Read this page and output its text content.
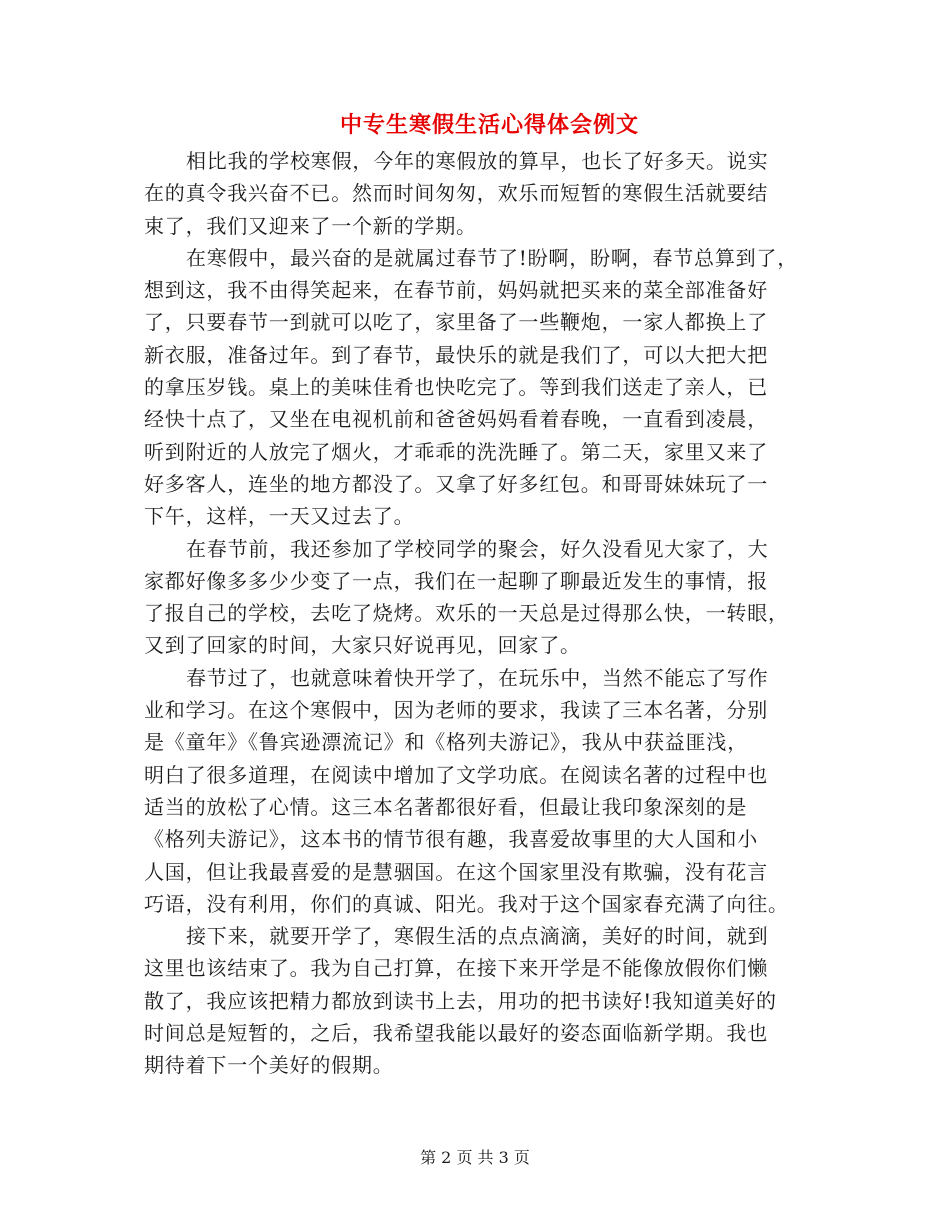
中专生寒假生活心得体会例文
相比我的学校寒假，今年的寒假放的算早，也长了好多天。说实
在的真令我兴奋不已。然而时间匆匆，欢乐而短暂的寒假生活就要结
束了，我们又迎来了一个新的学期。
在寒假中，最兴奋的是就属过春节了!盼啊，盼啊，春节总算到了，
想到这，我不由得笑起来，在春节前，妈妈就把买来的菜全部准备好
了，只要春节一到就可以吃了，家里备了一些鞭炮，一家人都换上了
新衣服，准备过年。到了春节，最快乐的就是我们了，可以大把大把
的拿压岁钱。桌上的美味佳肴也快吃完了。等到我们送走了亲人，已
经快十点了，又坐在电视机前和爸爸妈妈看着春晚，一直看到凌晨，
听到附近的人放完了烟火，才乖乖的洗洗睡了。第二天，家里又来了
好多客人，连坐的地方都没了。又拿了好多红包。和哥哥妹妹玩了一
下午，这样，一天又过去了。
在春节前，我还参加了学校同学的聚会，好久没看见大家了，大
家都好像多多少少变了一点，我们在一起聊了聊最近发生的事情，报
了报自己的学校，去吃了烧烤。欢乐的一天总是过得那么快，一转眼，
又到了回家的时间，大家只好说再见，回家了。
春节过了，也就意味着快开学了，在玩乐中，当然不能忘了写作
业和学习。在这个寒假中，因为老师的要求，我读了三本名著，分别
是《童年》《鲁宾逊漂流记》和《格列夫游记》，我从中获益匪浅，
明白了很多道理，在阅读中增加了文学功底。在阅读名著的过程中也
适当的放松了心情。这三本名著都很好看，但最让我印象深刻的是
《格列夫游记》，这本书的情节很有趣，我喜爱故事里的大人国和小
人国，但让我最喜爱的是慧骃国。在这个国家里没有欺骗，没有花言
巧语，没有利用，你们的真诚、阳光。我对于这个国家春充满了向往。
接下来，就要开学了，寒假生活的点点滴滴，美好的时间，就到
这里也该结束了。我为自己打算，在接下来开学是不能像放假你们懒
散了，我应该把精力都放到读书上去，用功的把书读好!我知道美好的
时间总是短暂的，之后，我希望我能以最好的姿态面临新学期。我也
期待着下一个美好的假期。
第 2 页 共 3 页
